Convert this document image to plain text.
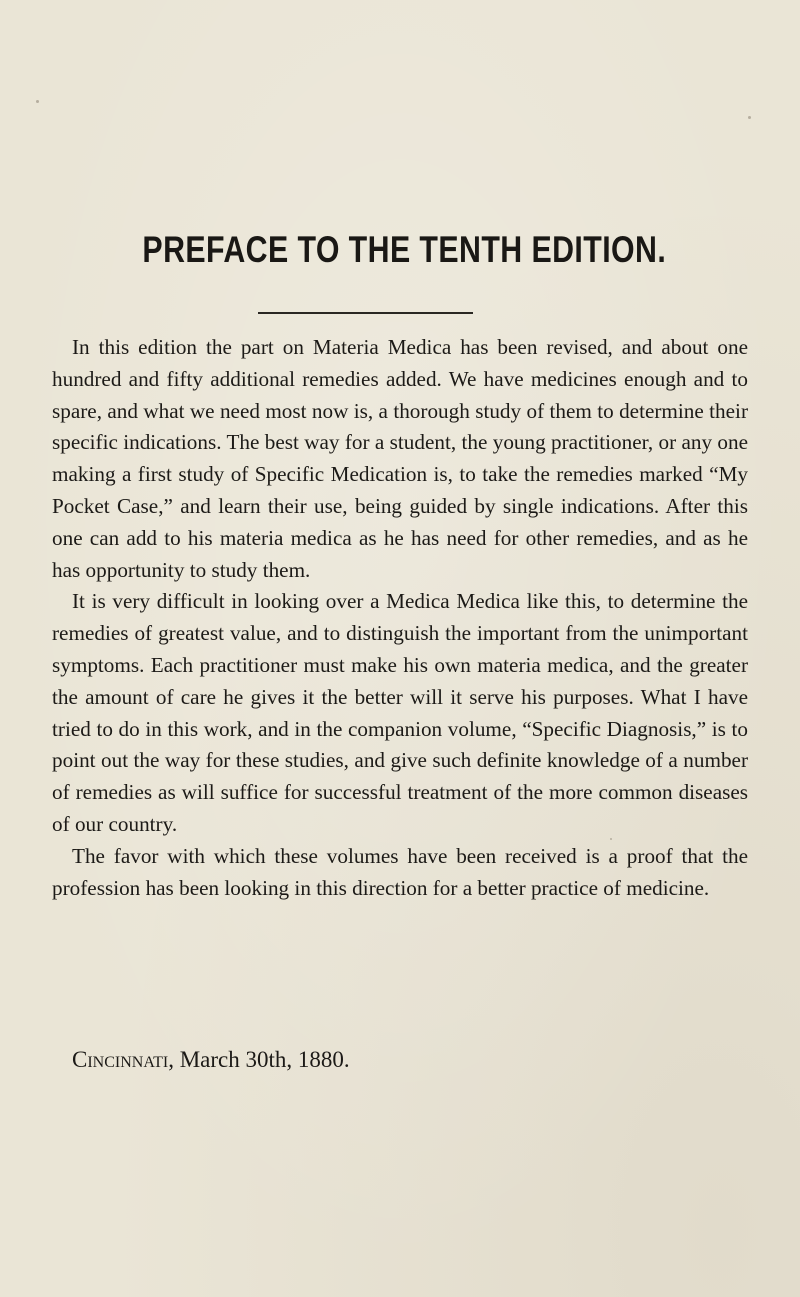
PREFACE TO THE TENTH EDITION.

In this edition the part on Materia Medica has been revised, and about one hundred and fifty additional remedies added. We have medicines enough and to spare, and what we need most now is, a thorough study of them to determine their specific indications. The best way for a student, the young practitioner, or any one making a first study of Specific Medication is, to take the remedies marked “My Pocket Case,” and learn their use, being guided by single indications. After this one can add to his materia medica as he has need for other remedies, and as he has opportunity to study them.

It is very difficult in looking over a Medica Medica like this, to determine the remedies of greatest value, and to distinguish the important from the unimportant symptoms. Each practitioner must make his own materia medica, and the greater the amount of care he gives it the better will it serve his purposes. What I have tried to do in this work, and in the companion volume, “Specific Diagnosis,” is to point out the way for these studies, and give such definite knowledge of a number of remedies as will suffice for successful treatment of the more common diseases of our country.

The favor with which these volumes have been received is a proof that the profession has been looking in this direction for a better practice of medicine.

Cincinnati, March 30th, 1880.
